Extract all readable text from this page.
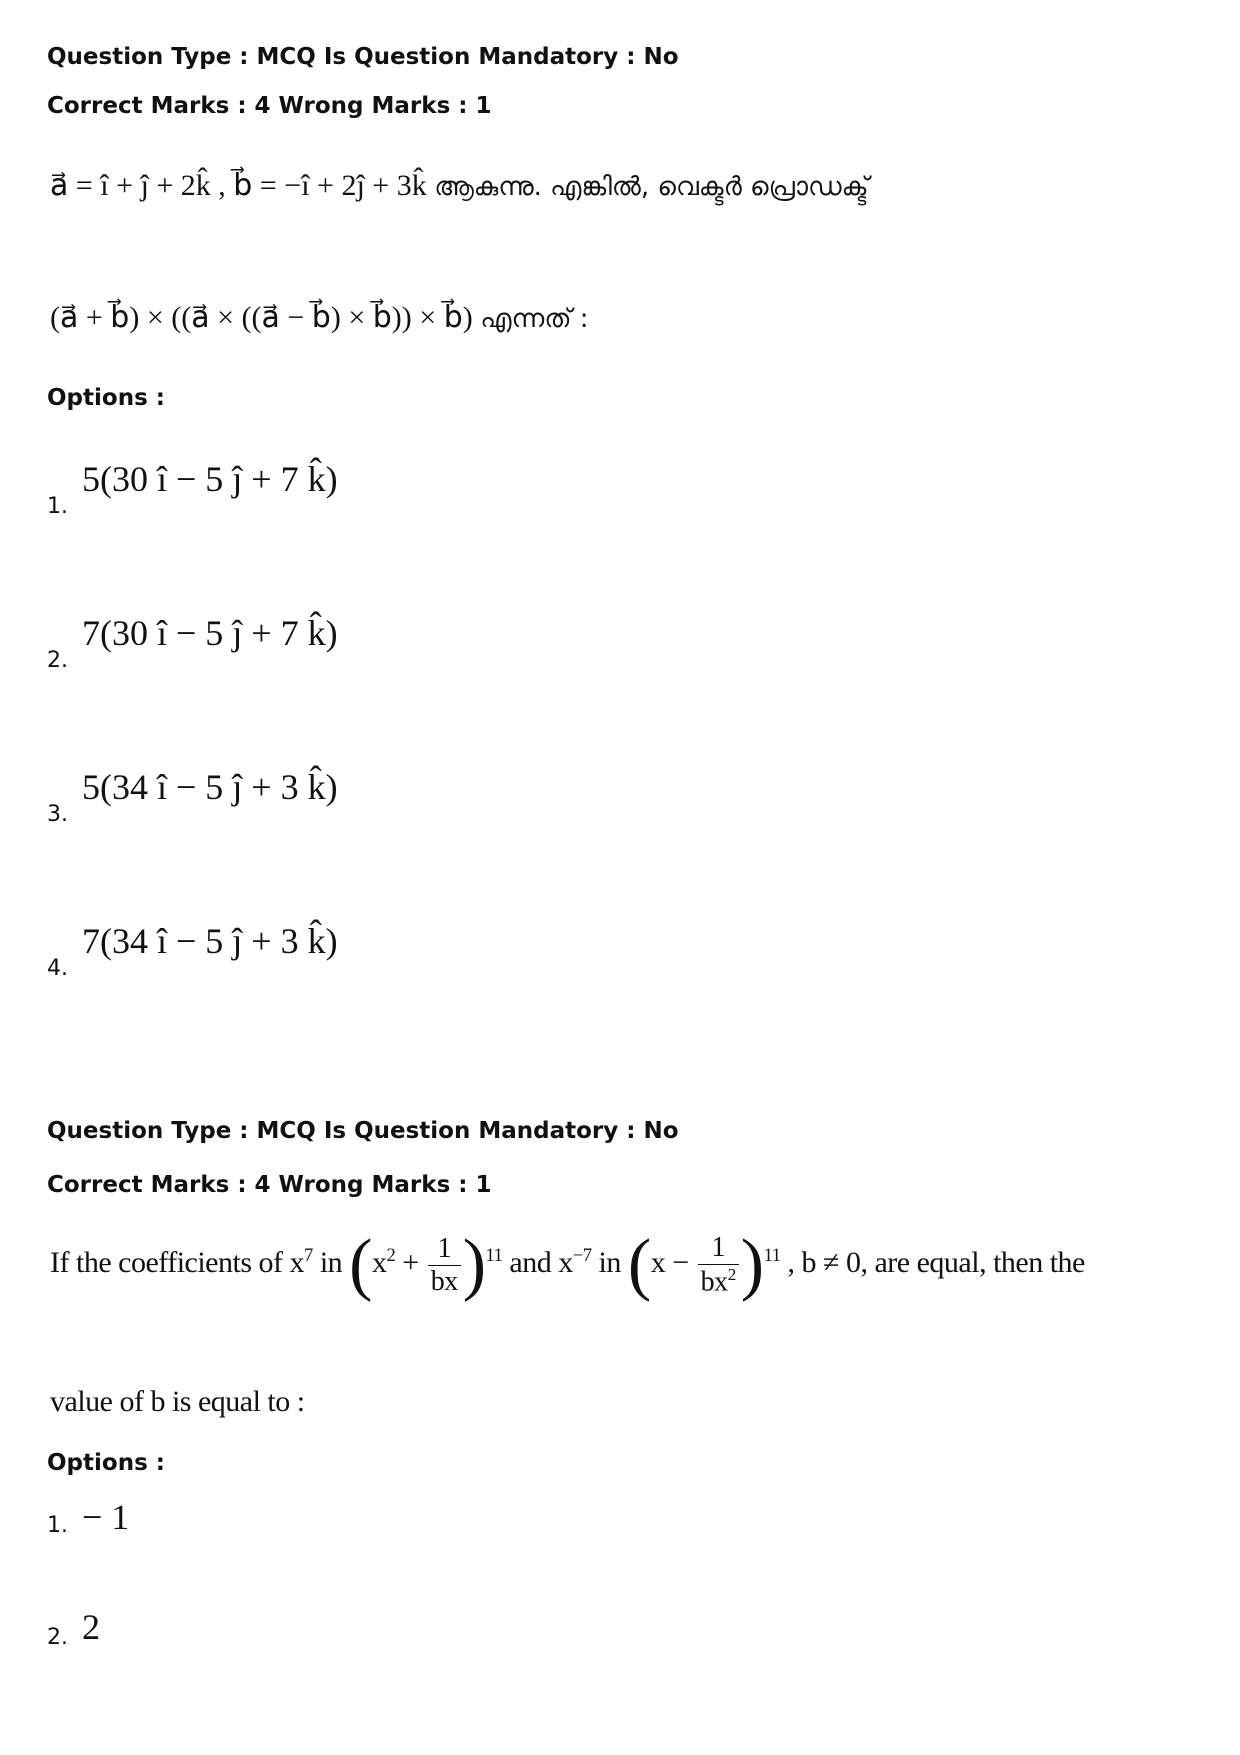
Question Type : MCQ Is Question Mandatory : No
Correct Marks : 4 Wrong Marks : 1
a⃗ = î + ĵ + 2k̂ , b⃗ = −î + 2ĵ + 3k̂ ആകുന്നു. എങ്കിൽ, വെക്ടർ പ്രൊഡക്ട്
(a⃗ + b⃗) × ((a⃗ × ((a⃗ − b⃗) × b⃗)) × b⃗) എന്നത് :
Options :
1.
5(30 î − 5 ĵ + 7 k̂)
2.
7(30 î − 5 ĵ + 7 k̂)
3.
5(34 î − 5 ĵ + 3 k̂)
4.
7(34 î − 5 ĵ + 3 k̂)
Question Type : MCQ Is Question Mandatory : No
Correct Marks : 4 Wrong Marks : 1
If the coefficients of $x^7$ in $(x^2 + \frac{1}{bx} )^{11}$ and $x^{-7}$ in $(x - \frac{1}{bx^2} )^{11}$ , b ≠ 0, are equal, then the
value of b is equal to :
Options :
1. − 1
2. 2
